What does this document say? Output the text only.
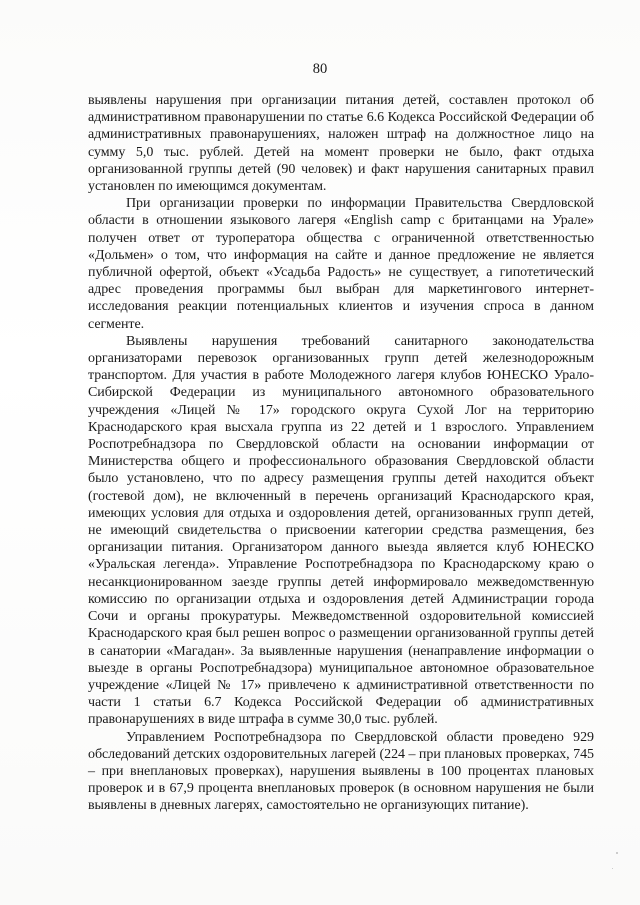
80

выявлены нарушения при организации питания детей, составлен протокол об административном правонарушении по статье 6.6 Кодекса Российской Федерации об административных правонарушениях, наложен штраф на должностное лицо на сумму 5,0 тыс. рублей. Детей на момент проверки не было, факт отдыха организованной группы детей (90 человек) и факт нарушения санитарных правил установлен по имеющимся документам.

При организации проверки по информации Правительства Свердловской области в отношении языкового лагеря «English camp с британцами на Урале» получен ответ от туроператора общества с ограниченной ответственностью «Дольмен» о том, что информация на сайте и данное предложение не является публичной офертой, объект «Усадьба Радость» не существует, а гипотетический адрес проведения программы был выбран для маркетингового интернет-исследования реакции потенциальных клиентов и изучения спроса в данном сегменте.

Выявлены нарушения требований санитарного законодательства организаторами перевозок организованных групп детей железнодорожным транспортом. Для участия в работе Молодежного лагеря клубов ЮНЕСКО Урало-Сибирской Федерации из муниципального автономного образовательного учреждения «Лицей № 17» городского округа Сухой Лог на территорию Краснодарского края высхала группа из 22 детей и 1 взрослого. Управлением Роспотребнадзора по Свердловской области на основании информации от Министерства общего и профессионального образования Свердловской области было установлено, что по адресу размещения группы детей находится объект (гостевой дом), не включенный в перечень организаций Краснодарского края, имеющих условия для отдыха и оздоровления детей, организованных групп детей, не имеющий свидетельства о присвоении категории средства размещения, без организации питания. Организатором данного выезда является клуб ЮНЕСКО «Уральская легенда». Управление Роспотребнадзора по Краснодарскому краю о несанкционированном заезде группы детей информировало межведомственную комиссию по организации отдыха и оздоровления детей Администрации города Сочи и органы прокуратуры. Межведомственной оздоровительной комиссией Краснодарского края был решен вопрос о размещении организованной группы детей в санатории «Магадан». За выявленные нарушения (ненаправление информации о выезде в органы Роспотребнадзора) муниципальное автономное образовательное учреждение «Лицей № 17» привлечено к административной ответственности по части 1 статьи 6.7 Кодекса Российской Федерации об административных правонарушениях в виде штрафа в сумме 30,0 тыс. рублей.

Управлением Роспотребнадзора по Свердловской области проведено 929 обследований детских оздоровительных лагерей (224 – при плановых проверках, 745 – при внеплановых проверках), нарушения выявлены в 100 процентах плановых проверок и в 67,9 процента внеплановых проверок (в основном нарушения не были выявлены в дневных лагерях, самостоятельно не организующих питание).
